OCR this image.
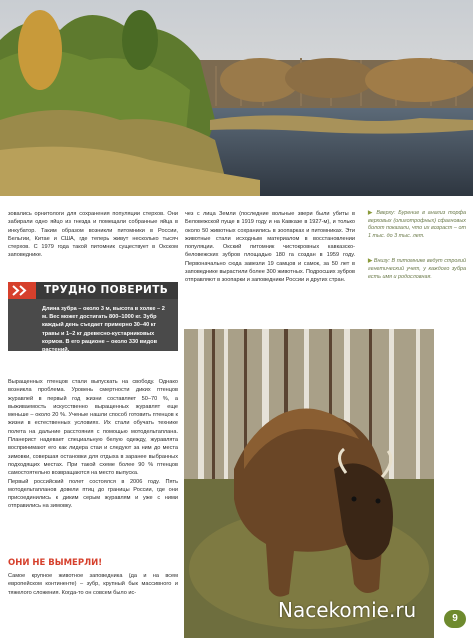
зовались орнитологи для сохранения популяции стерхов. Они забирали одно яйцо из гнезда и помещали собранные яйца в инкубатор. Таким образом возникли питомники в России, Бельгии, Китае и США, где теперь живут несколько тысяч стерхов. С 1979 года такой питомник существует в Окском заповеднике.

чез с лица Земли (последние вольные звери были убиты в Беловежской пуще в 1919 году и на Кавказе в 1927-м), и только около 50 животных сохранились в зоопарках и питомниках. Эти животные стали исходным материалом в восстановлении популяции. Окский питомник чистокровных кавказско-беловежских зубров площадью 180 га создан в 1959 году. Первоначально сюда завезли 19 самцов и самок, за 50 лет в заповеднике вырастили более 300 животных. Подросших зубров отправляют в зоопарки и заповедники России и других стран.

▶ Вверху: Бурение в анализ торфа верховых (олиготрофных) сфагновых болот показали, что их возраст – от 1 тыс. до 3 тыс. лет.
▶ Внизу: В питомнике ведут строгий генетический учет, у каждого зубра есть имя и родословная.
ТРУДНО ПОВЕРИТЬ
Длина зубра – около 3 м, высота в холке – 2 м. Вес может достигать 800–1000 кг. Зубр каждый день съедает примерно 30–40 кг травы и 1–2 кг древесно-кустарниковых кормов. В его рационе – около 330 видов растений.

Выращенных птенцов стали выпускать на свободу. Однако возникла проблема. Уровень смертности диких птенцов журавлей в первый год жизни составляет 50–70 %, а выживаемость искусственно выращенных журавлят еще меньше – около 20 %. Ученые нашли способ готовить птенцов к жизни в естественных условиях. Их стали обучать технике полета на дальние расстояния с помощью мотодельтаплана. Планерист надевает специальную белую одежду, журавлята воспринимают его как лидера стаи и следуют за ним до места зимовки, совершая остановки для отдыха в заранее выбранных подходящих местах. При такой схеме более 90 % птенцов самостоятельно возвращаются на место выпуска.

Первый российский полет состоялся в 2006 году. Пять мотодельтапланов довели птиц до границы России, где они присоединились к диким серым журавлям и уже с ними отправились на зимовку.

ОНИ НЕ ВЫМЕРЛИ!

Самое крупное животное заповедника (да и на всем европейском континенте) – зубр, крупный бык массивного и тяжелого сложения. Когда-то он совсем было ис-

Nacekomie.ru	9
